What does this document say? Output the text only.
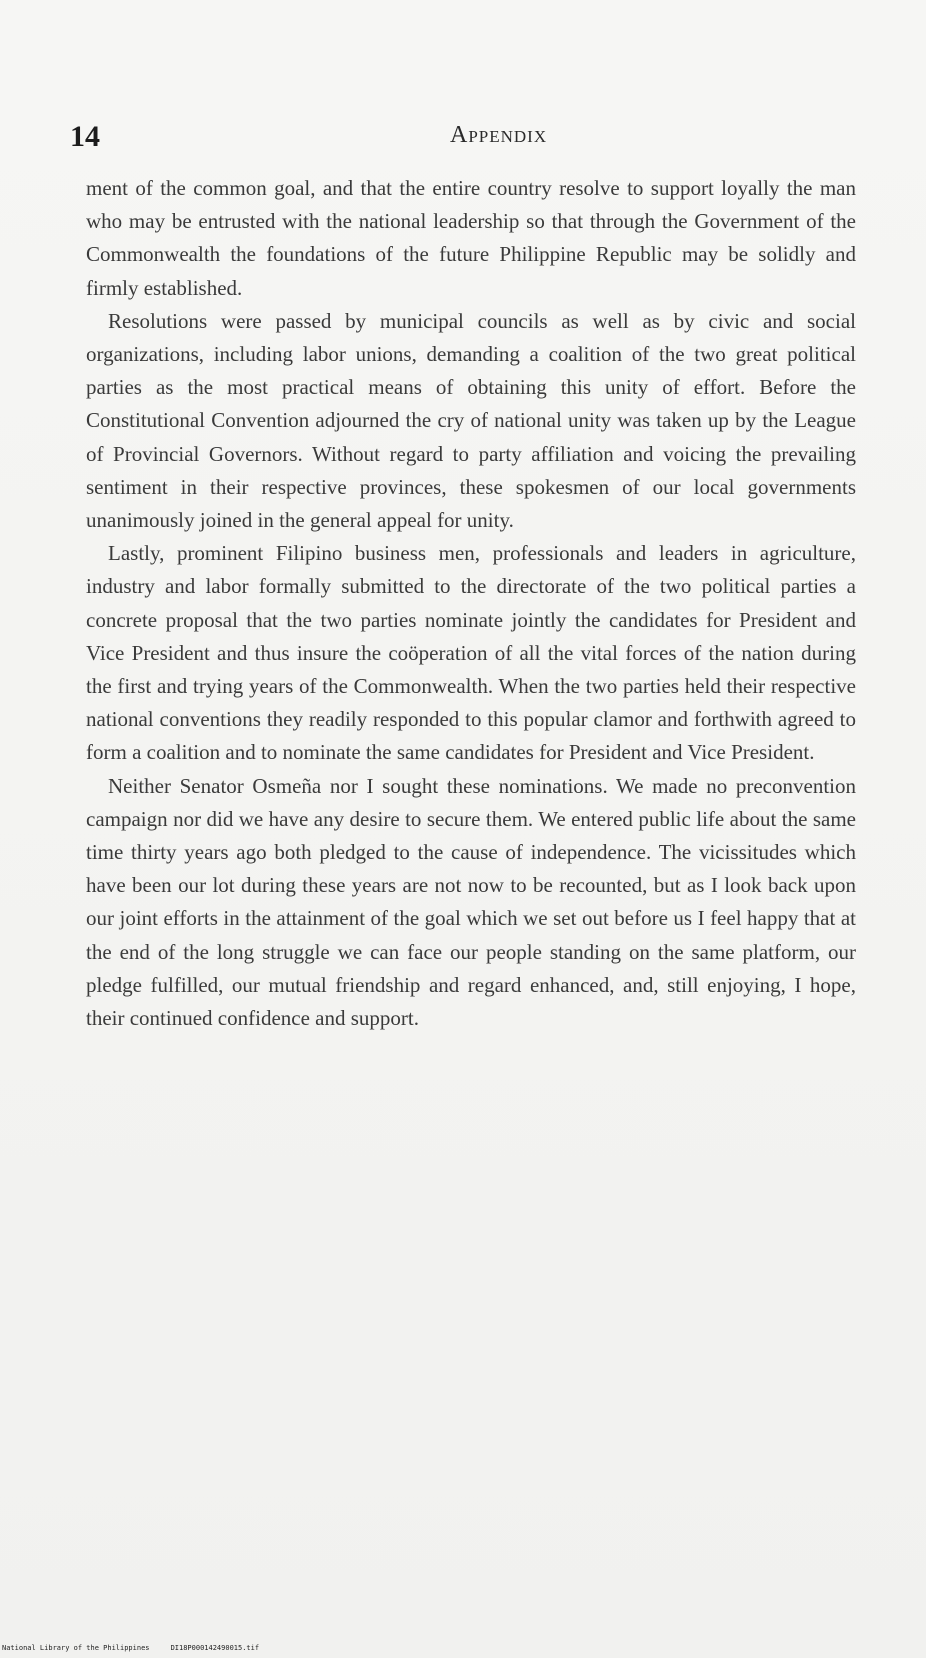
14	Appendix

ment of the common goal, and that the entire country resolve to support loyally the man who may be entrusted with the national leadership so that through the Government of the Commonwealth the foundations of the future Philippine Republic may be solidly and firmly established.

Resolutions were passed by municipal councils as well as by civic and social organizations, including labor unions, demanding a coalition of the two great political parties as the most practical means of obtaining this unity of effort. Before the Constitutional Convention adjourned the cry of national unity was taken up by the League of Provincial Governors. Without regard to party affiliation and voicing the prevailing sentiment in their respective provinces, these spokesmen of our local governments unanimously joined in the general appeal for unity.

Lastly, prominent Filipino business men, professionals and leaders in agriculture, industry and labor formally submitted to the directorate of the two political parties a concrete proposal that the two parties nominate jointly the candidates for President and Vice President and thus insure the coöperation of all the vital forces of the nation during the first and trying years of the Commonwealth. When the two parties held their respective national conventions they readily responded to this popular clamor and forthwith agreed to form a coalition and to nominate the same candidates for President and Vice President.

Neither Senator Osmeña nor I sought these nominations. We made no preconvention campaign nor did we have any desire to secure them. We entered public life about the same time thirty years ago both pledged to the cause of independence. The vicissitudes which have been our lot during these years are not now to be recounted, but as I look back upon our joint efforts in the attainment of the goal which we set out before us I feel happy that at the end of the long struggle we can face our people standing on the same platform, our pledge fulfilled, our mutual friendship and regard enhanced, and, still enjoying, I hope, their continued confidence and support.

National Library of the Philippines     DI18P000142490015.tif
